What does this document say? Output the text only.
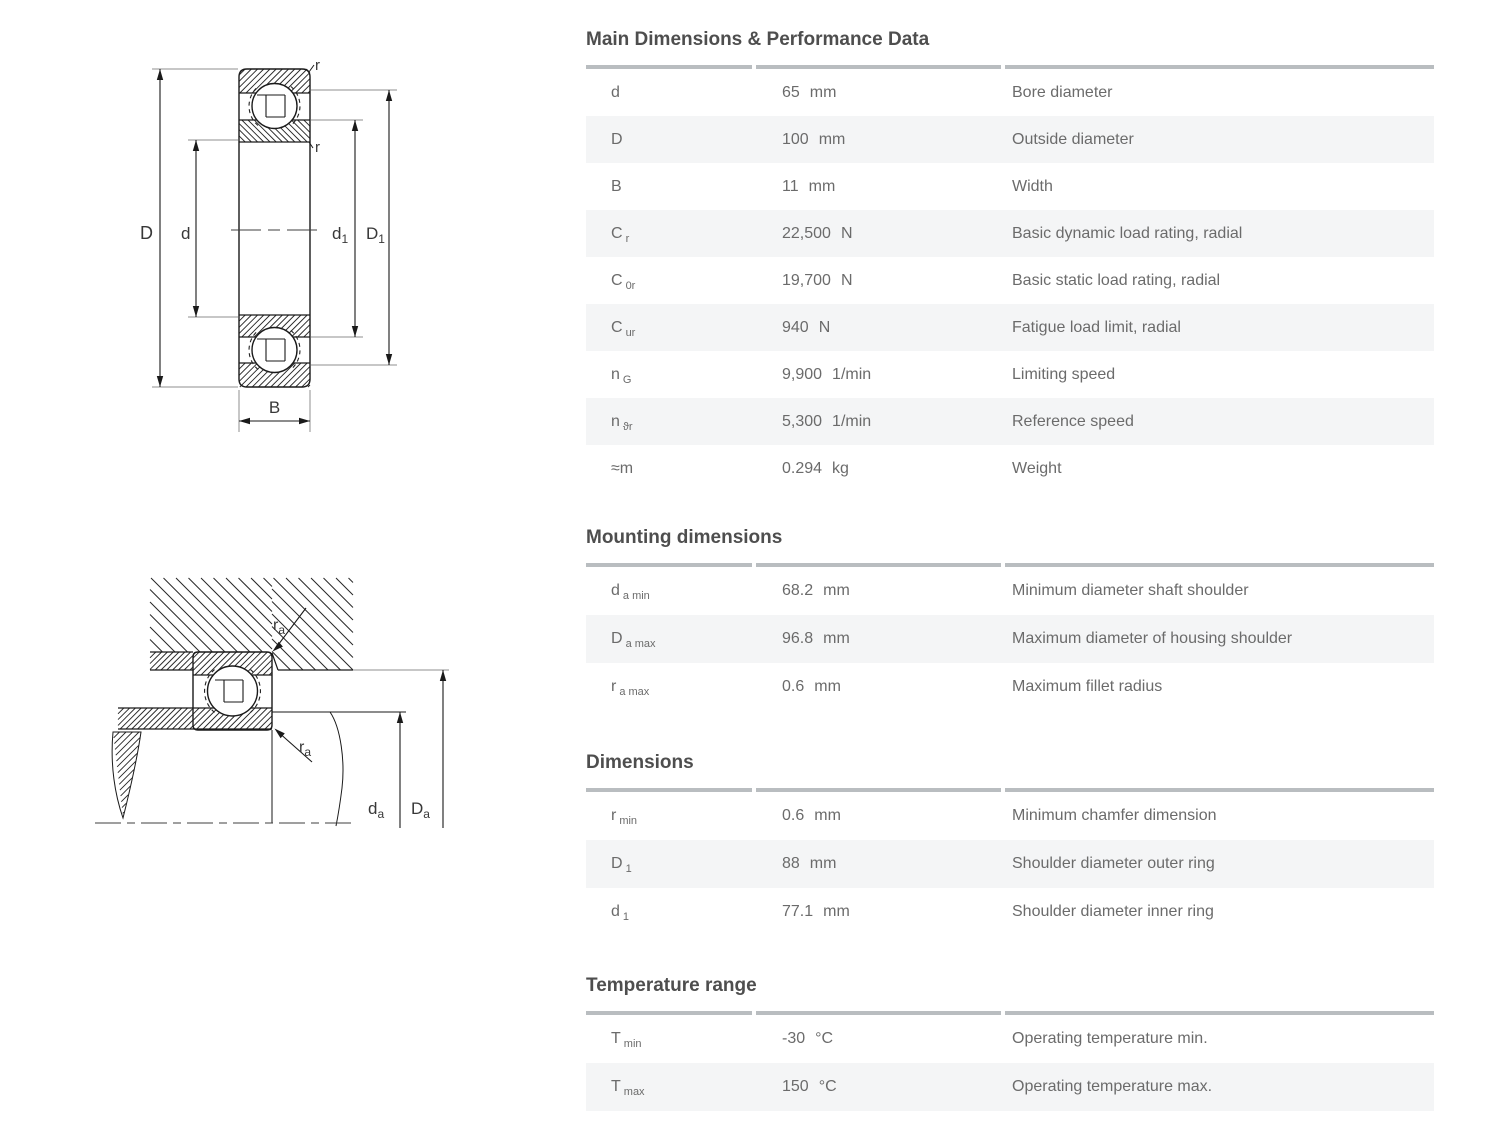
D d	$d_1$ $D_1$
B
r
r
$r_a$
$r_a$
$d_a$ $D_a$
Main Dimensions & Performance Data
d	65 mm	Bore diameter
D	100 mm	Outside diameter
B	11 mm	Width
C $_r$	22,500 N	Basic dynamic load rating, radial
C $_{0r}$	19,700 N	Basic static load rating, radial
C $_{ur}$	940 N	Fatigue load limit, radial
n $_G$	9,900 1/min	Limiting speed
n $_{ϑr}$	5,300 1/min	Reference speed
≈m	0.294 kg	Weight
Mounting dimensions
d $_{a min}$	68.2 mm	Minimum diameter shaft shoulder
D $_{a max}$	96.8 mm	Maximum diameter of housing shoulder
r $_{a max}$	0.6 mm	Maximum fillet radius
Dimensions
r $_{min}$	0.6 mm	Minimum chamfer dimension
D $_1$	88 mm	Shoulder diameter outer ring
d $_1$	77.1 mm	Shoulder diameter inner ring
Temperature range
T $_{min}$	-30 °C	Operating temperature min.
T $_{max}$	150 °C	Operating temperature max.
